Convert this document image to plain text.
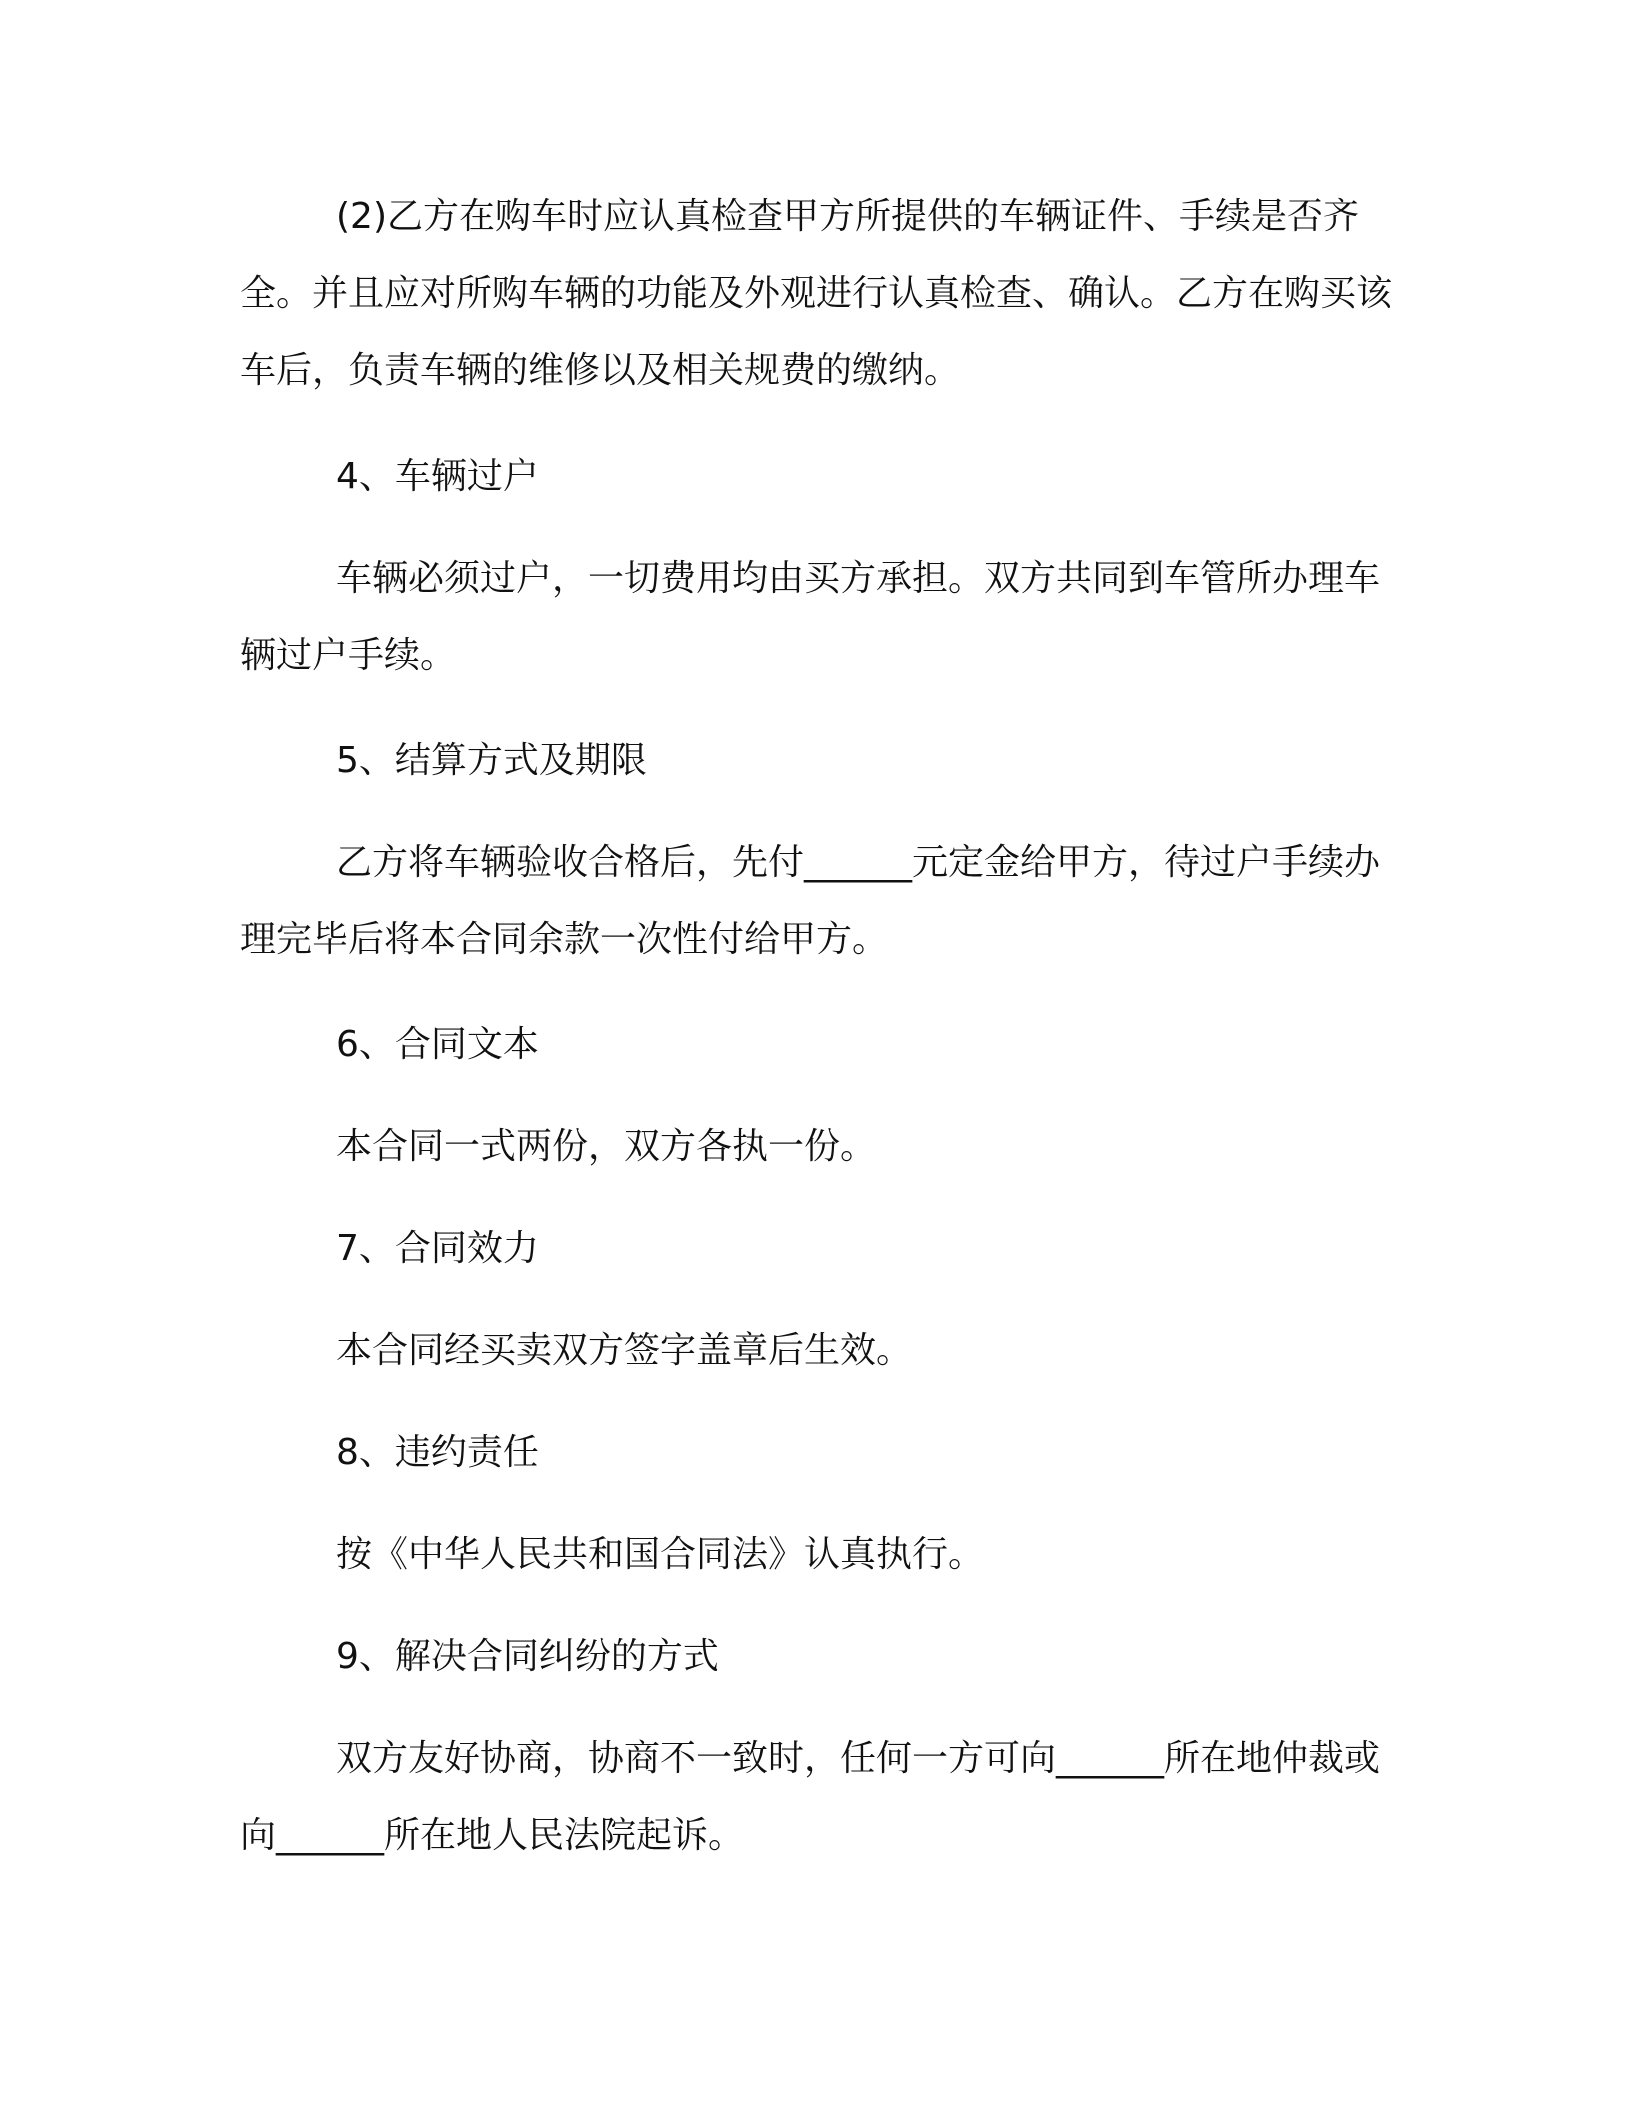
(2)乙方在购车时应认真检查甲方所提供的车辆证件、手续是否齐全。并且应对所购车辆的功能及外观进行认真检查、确认。乙方在购买该车后，负责车辆的维修以及相关规费的缴纳。

4、车辆过户

车辆必须过户，一切费用均由买方承担。双方共同到车管所办理车辆过户手续。

5、结算方式及期限

乙方将车辆验收合格后，先付______元定金给甲方，待过户手续办理完毕后将本合同余款一次性付给甲方。

6、合同文本

本合同一式两份，双方各执一份。

7、合同效力

本合同经买卖双方签字盖章后生效。

8、违约责任

按《中华人民共和国合同法》认真执行。

9、解决合同纠纷的方式

双方友好协商，协商不一致时，任何一方可向______所在地仲裁或向______所在地人民法院起诉。
